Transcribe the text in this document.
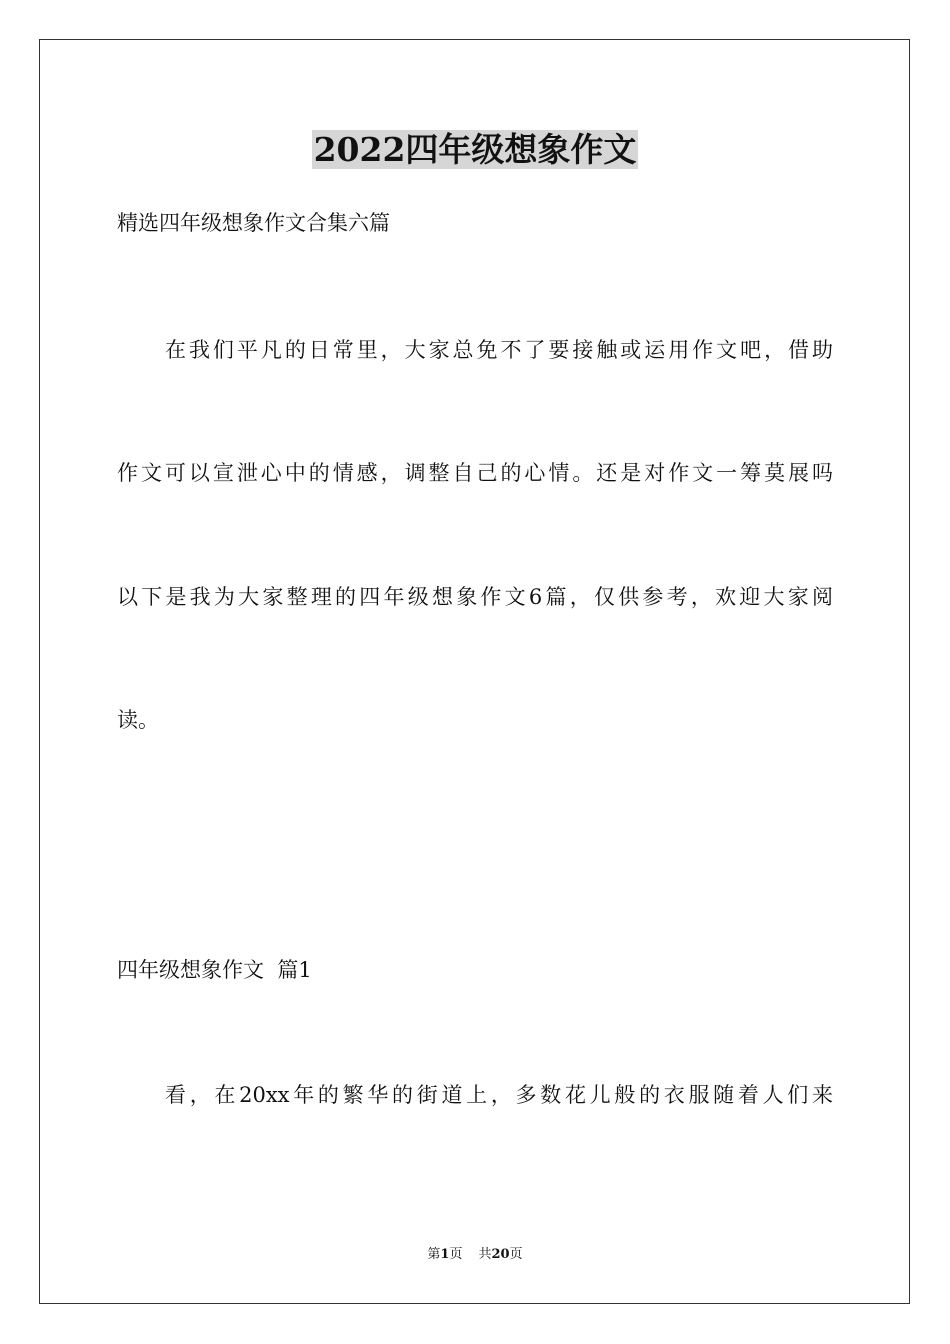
2022四年级想象作文
精选四年级想象作文合集六篇
在我们平凡的日常里，大家总免不了要接触或运用作文吧，借助
作文可以宣泄心中的情感，调整自己的心情。还是对作文一筹莫展吗
以下是我为大家整理的四年级想象作文6篇，仅供参考，欢迎大家阅
读。
四年级想象作文  篇1
看，在20xx年的繁华的街道上，多数花儿般的衣服随着人们来
第1页 共20页
